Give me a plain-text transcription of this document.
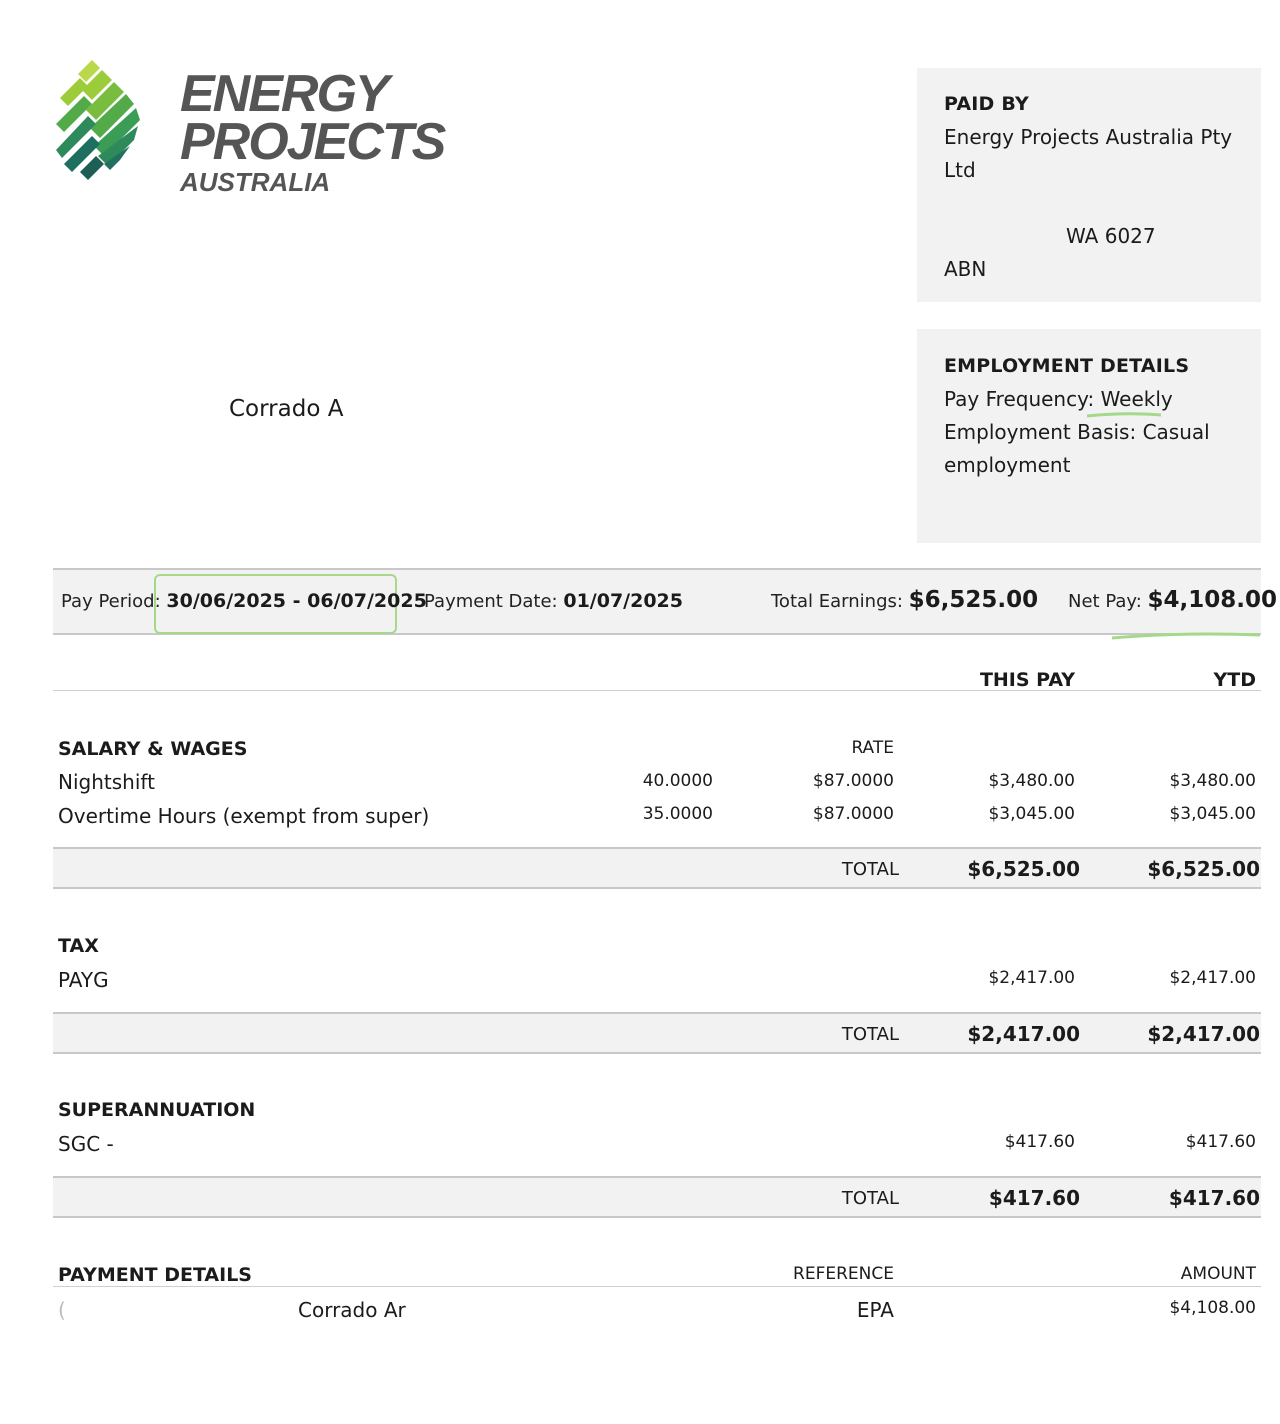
ENERGY
PROJECTS
AUSTRALIA
PAID BY
Energy Projects Australia Pty Ltd
WA 6027
ABN
EMPLOYMENT DETAILS
Pay Frequency: Weekly
Employment Basis: Casual employment
Corrado A
Pay Period: 30/06/2025 - 06/07/2025
Payment Date: 01/07/2025	Total Earnings: $6,525.00 Net Pay: $4,108.00
THIS PAY	YTD
SALARY & WAGES	RATE
Nightshift	40.0000	$87.0000	$3,480.00	$3,480.00
Overtime Hours (exempt from super)	35.0000	$87.0000	$3,045.00	$3,045.00
TOTAL	$6,525.00	$6,525.00
TAX
PAYG	$2,417.00	$2,417.00
TOTAL	$2,417.00	$2,417.00
SUPERANNUATION
SGC -	$417.60	$417.60
TOTAL	$417.60	$417.60
PAYMENT DETAILS	REFERENCE	AMOUNT
(	Corrado Ar	EPA	$4,108.00
